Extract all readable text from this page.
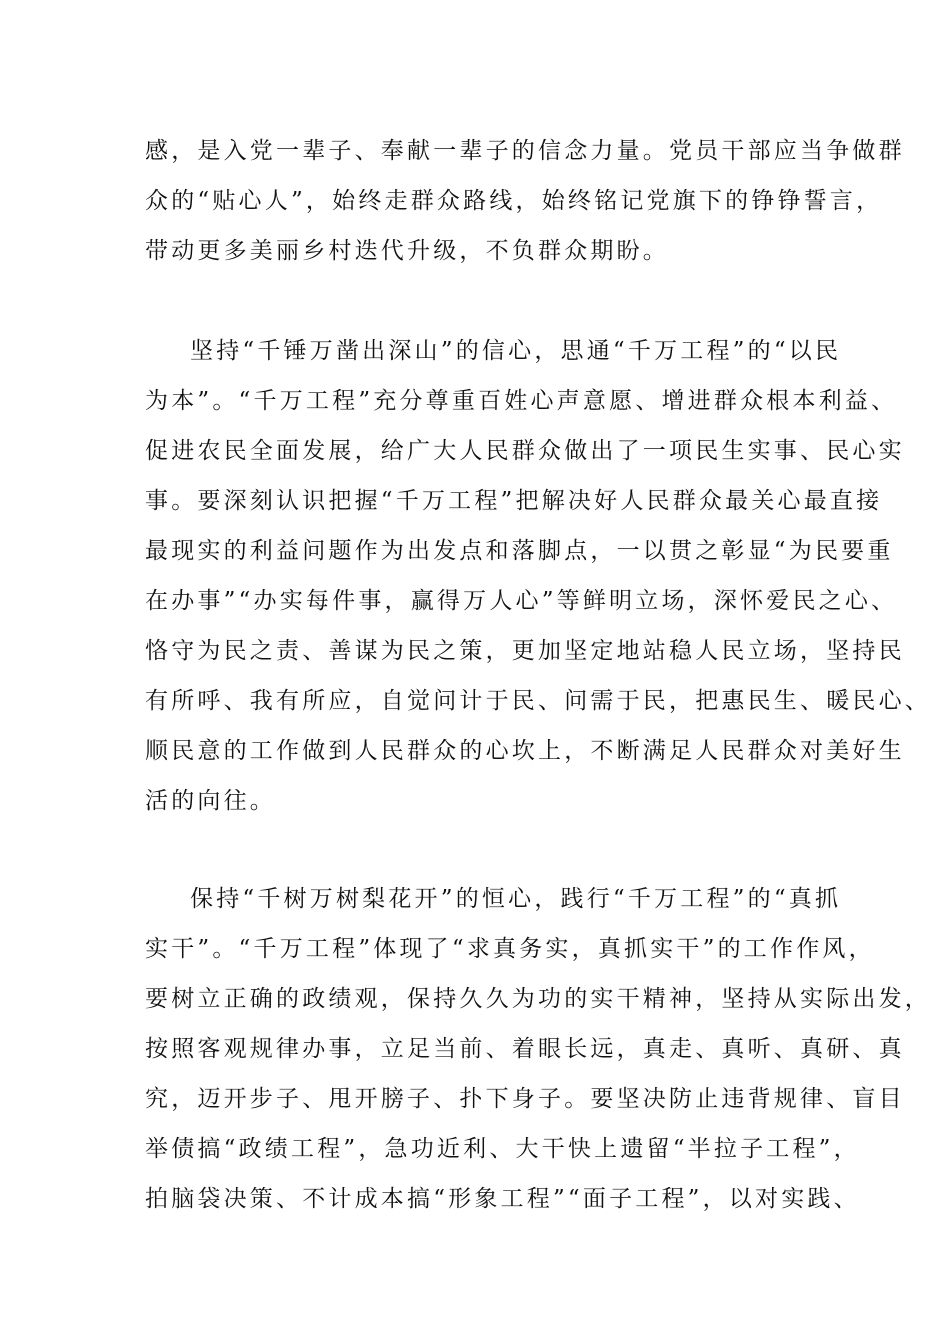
感，是入党一辈子、奉献一辈子的信念力量。党员干部应当争做群
众的“贴心人”，始终走群众路线，始终铭记党旗下的铮铮誓言，
带动更多美丽乡村迭代升级，不负群众期盼。
坚持“千锤万凿出深山”的信心，思通“千万工程”的“以民
为本”。“千万工程”充分尊重百姓心声意愿、增进群众根本利益、
促进农民全面发展，给广大人民群众做出了一项民生实事、民心实
事。要深刻认识把握“千万工程”把解决好人民群众最关心最直接
最现实的利益问题作为出发点和落脚点，一以贯之彰显“为民要重
在办事”“办实每件事，赢得万人心”等鲜明立场，深怀爱民之心、
恪守为民之责、善谋为民之策，更加坚定地站稳人民立场，坚持民
有所呼、我有所应，自觉问计于民、问需于民，把惠民生、暖民心、
顺民意的工作做到人民群众的心坎上，不断满足人民群众对美好生
活的向往。
保持“千树万树梨花开”的恒心，践行“千万工程”的“真抓
实干”。“千万工程”体现了“求真务实，真抓实干”的工作作风，
要树立正确的政绩观，保持久久为功的实干精神，坚持从实际出发，
按照客观规律办事，立足当前、着眼长远，真走、真听、真研、真
究，迈开步子、甩开膀子、扑下身子。要坚决防止违背规律、盲目
举债搞“政绩工程”，急功近利、大干快上遗留“半拉子工程”，
拍脑袋决策、不计成本搞“形象工程”“面子工程”，以对实践、
